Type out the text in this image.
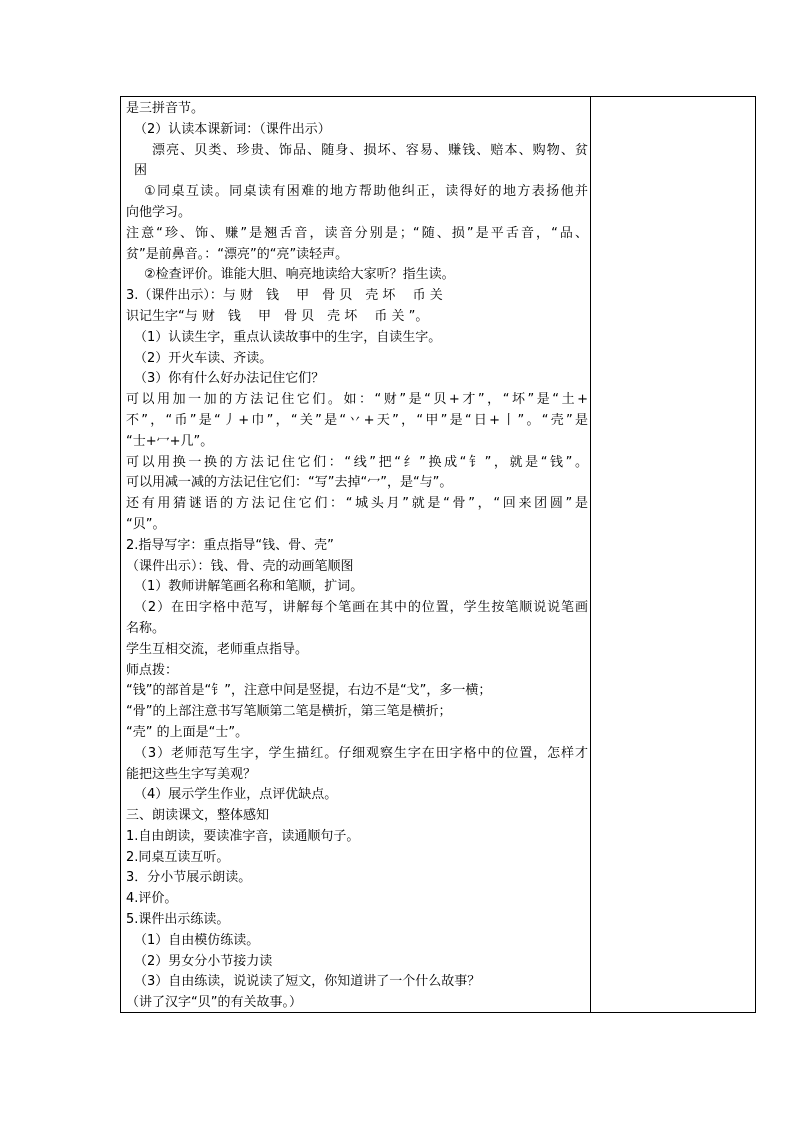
是三拼音节。
（2）认读本课新词：（课件出示）
漂亮、贝类、珍贵、饰品、随身、损坏、容易、赚钱、赔本、购物、贫
困
①同桌互读。同桌读有困难的地方帮助他纠正，读得好的地方表扬他并
向他学习。
注意“珍、饰、赚”是翘舌音，读音分别是；“随、损”是平舌音，“品、
贫”是前鼻音。：“漂亮”的“亮”读轻声。
②检查评价。谁能大胆、响亮地读给大家听？指生读。
3.（课件出示）：与 财　钱　 甲　骨 贝　壳 坏　 币 关
识记生字“与 财　钱　 甲　骨 贝　壳 坏　 币 关 ”。
（1）认读生字，重点认读故事中的生字，自读生字。
（2）开火车读、齐读。
（3）你有什么好办法记住它们？
可以用加一加的方法记住它们。如：“财”是“贝+才”，“坏”是“土+
不”，“币”是“丿+巾”，“关”是“丷+天”，“甲”是“日+丨”。“壳”是
“士+冖+几”。
可以用换一换的方法记住它们：“线”把“纟”换成“钅”，就是“钱”。
可以用减一减的方法记住它们：“写”去掉“冖”，是“与”。
还有用猜谜语的方法记住它们：“城头月”就是“骨”，“回来团圆”是
“贝”。
2.指导写字：重点指导“钱、骨、壳”
（课件出示）：钱、骨、壳的动画笔顺图
（1）教师讲解笔画名称和笔顺，扩词。
（2）在田字格中范写，讲解每个笔画在其中的位置，学生按笔顺说说笔画
名称。
学生互相交流，老师重点指导。
师点拨：
“钱”的部首是“钅”，注意中间是竖提，右边不是“戈”，多一横；
“骨”的上部注意书写笔顺第二笔是横折，第三笔是横折；
“壳” 的上面是“士”。
（3）老师范写生字，学生描红。仔细观察生字在田字格中的位置，怎样才
能把这些生字写美观？
（4）展示学生作业，点评优缺点。
三、朗读课文，整体感知
1.自由朗读，要读准字音，读通顺句子。
2.同桌互读互听。
3．分小节展示朗读。
4.评价。
5.课件出示练读。
（1）自由模仿练读。
（2）男女分小节接力读
（3）自由练读，说说读了短文，你知道讲了一个什么故事？
（讲了汉字“贝”的有关故事。）
